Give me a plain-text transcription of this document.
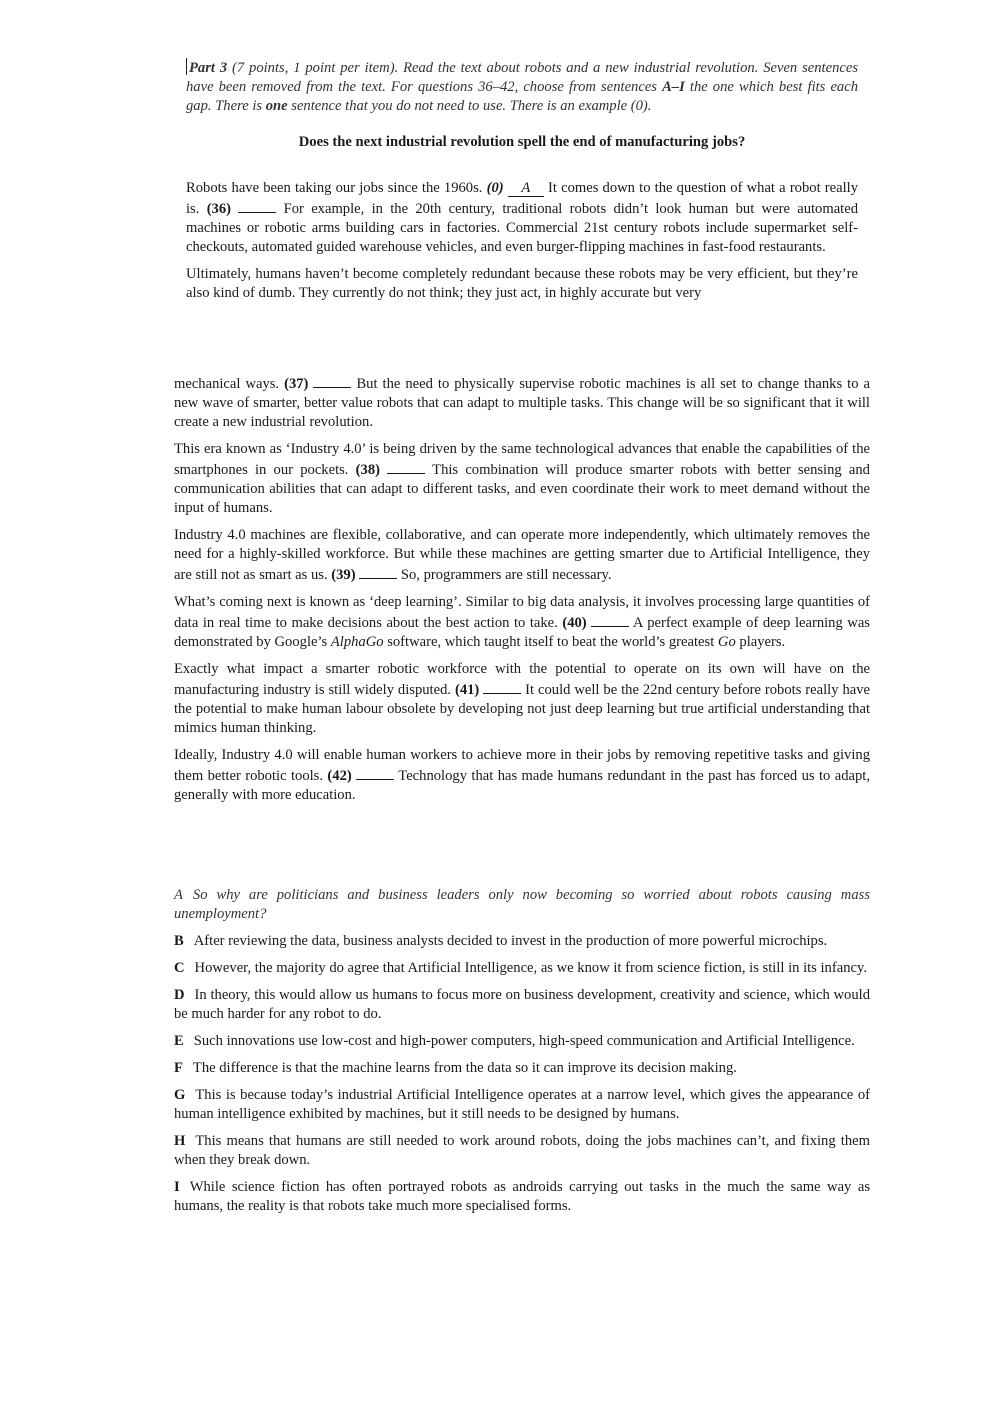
Part 3 (7 points, 1 point per item). Read the text about robots and a new industrial revolution. Seven sentences have been removed from the text. For questions 36–42, choose from sentences A–I the one which best fits each gap. There is one sentence that you do not need to use. There is an example (0).
Does the next industrial revolution spell the end of manufacturing jobs?

Robots have been taking our jobs since the 1960s. (0) A It comes down to the question of what a robot really is. (36)	For example, in the 20th century, traditional robots didn’t look human but were automated machines or robotic arms building cars in factories. Commercial 21st century robots include supermarket self-checkouts, automated guided warehouse vehicles, and even burger-flipping machines in fast-food restaurants.

Ultimately, humans haven’t become completely redundant because these robots may be very efficient, but they’re also kind of dumb. They currently do not think; they just act, in highly accurate but very

mechanical ways. (37)	But the need to physically supervise robotic machines is all set to change thanks to a new wave of smarter, better value robots that can adapt to multiple tasks. This change will be so significant that it will create a new industrial revolution.

This era known as ‘Industry 4.0’ is being driven by the same technological advances that enable the capabilities of the smartphones in our pockets. (38)	This combination will produce smarter robots with better sensing and communication abilities that can adapt to different tasks, and even coordinate their work to meet demand without the input of humans.

Industry 4.0 machines are flexible, collaborative, and can operate more independently, which ultimately removes the need for a highly-skilled workforce. But while these machines are getting smarter due to Artificial Intelligence, they are still not as smart as us. (39)	So, programmers are still necessary.

What’s coming next is known as ‘deep learning’. Similar to big data analysis, it involves processing large quantities of data in real time to make decisions about the best action to take. (40)	A perfect example of deep learning was demonstrated by Google’s AlphaGo software, which taught itself to beat the world’s greatest Go players.

Exactly what impact a smarter robotic workforce with the potential to operate on its own will have on the manufacturing industry is still widely disputed. (41)	It could well be the 22nd century before robots really have the potential to make human labour obsolete by developing not just deep learning but true artificial understanding that mimics human thinking.

Ideally, Industry 4.0 will enable human workers to achieve more in their jobs by removing repetitive tasks and giving them better robotic tools. (42)	Technology that has made humans redundant in the past has forced us to adapt, generally with more education.

A So why are politicians and business leaders only now becoming so worried about robots causing mass unemployment?
B After reviewing the data, business analysts decided to invest in the production of more powerful microchips.
C However, the majority do agree that Artificial Intelligence, as we know it from science fiction, is still in its infancy.
D In theory, this would allow us humans to focus more on business development, creativity and science, which would be much harder for any robot to do.
E Such innovations use low-cost and high-power computers, high-speed communication and Artificial Intelligence.
F The difference is that the machine learns from the data so it can improve its decision making.
G This is because today’s industrial Artificial Intelligence operates at a narrow level, which gives the appearance of human intelligence exhibited by machines, but it still needs to be designed by humans.
H This means that humans are still needed to work around robots, doing the jobs machines can’t, and fixing them when they break down.
I While science fiction has often portrayed robots as androids carrying out tasks in the much the same way as humans, the reality is that robots take much more specialised forms.
